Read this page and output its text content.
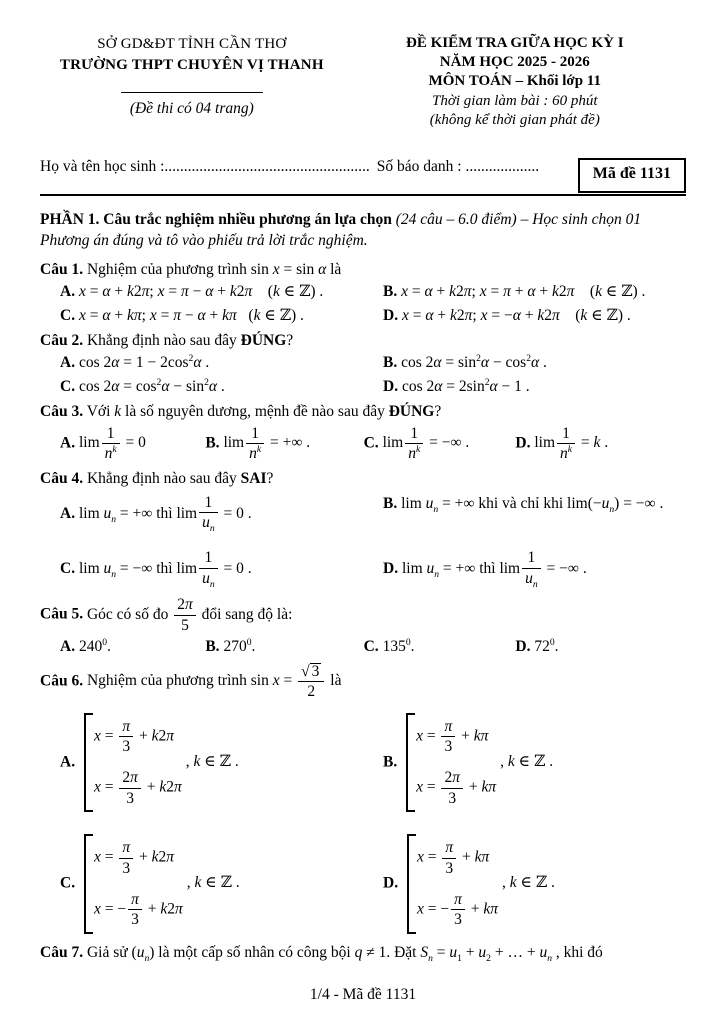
SỞ GD&ĐT TỈNH CẦN THƠ
TRƯỜNG THPT CHUYÊN VỊ THANH
(Đề thi có 04 trang)
ĐỀ KIỂM TRA GIỮA HỌC KỲ I
NĂM HỌC 2025 - 2026
MÔN TOÁN – Khối lớp 11
Thời gian làm bài : 60 phút
(không kể thời gian phát đề)
Họ và tên học sinh :..................................................... Số báo danh : ...................	Mã đề 1131

PHẦN 1. Câu trắc nghiệm nhiều phương án lựa chọn (24 câu – 6.0 điểm) – Học sinh chọn 01 Phương án đúng và tô vào phiếu trả lời trắc nghiệm.

Câu 1. Nghiệm của phương trình sin x = sin α là

A. x = α + k2π; x = π − α + k2π    (k ∈ ℤ) .	B. x = α + k2π; x = π + α + k2π    (k ∈ ℤ) .
C. x = α + kπ; x = π − α + kπ   (k ∈ ℤ) .	D. x = α + k2π; x = −α + k2π    (k ∈ ℤ) .

Câu 2. Khẳng định nào sau đây ĐÚNG?

A. $\cos 2\alpha = 1 - 2\cos^2\alpha$ .	B. $\cos 2\alpha = \sin^2\alpha - \cos^2\alpha$ .
C. $\cos 2\alpha = \cos^2\alpha - \sin^2\alpha$ .	D. $\cos 2\alpha = 2\sin^2\alpha - 1$ .

Câu 3. Với k là số nguyên dương, mệnh đề nào sau đây ĐÚNG?

A. $\lim \frac{1}{n^k} = 0$	B. $\lim \frac{1}{n^k}$ = +∞ .	C. $\lim \frac{1}{n^k}$ = −∞ .	D. $\lim \frac{1}{n^k} = k$ .

Câu 4. Khẳng định nào sau đây SAI?

A. $\lim u_n$ = +∞ thì $\lim \frac{1}{u_n} = 0$ .
B. $\lim u_n$ = +∞ khi và chỉ khi $\lim(-u_n)$ = −∞ .
C. $\lim u_n$ = −∞ thì $\lim \frac{1}{u_n} = 0$ .	D. $\lim u_n$ = +∞ thì $\lim \frac{1}{u_n}$ = −∞ .

Câu 5. Góc có số đo $\frac{2\pi}{5}$ đổi sang độ là:

A. $240^0$.	B. $270^0$.	C. $135^0$.	D. $72^0$.

Câu 6. Nghiệm của phương trình sin x = √ $\frac{3}{2}$ là

A.
$x = \frac{\pi}{3} + k2\pi$
$x = \frac{2\pi}{3} + k2\pi$
, k ∈ ℤ .	B.
$x = \frac{\pi}{3} + k\pi$
$x = \frac{2\pi}{3} + k\pi$
, k ∈ ℤ .
C.
$x = \frac{\pi}{3} + k2\pi$
x = − $\frac{\pi}{3} + k2\pi$
, k ∈ ℤ .	D.
$x = \frac{\pi}{3} + k\pi$
x = − $\frac{\pi}{3} + k\pi$
, k ∈ ℤ .

Câu 7. Giả sử $(u_n)$ là một cấp số nhân có công bội q ≠ 1. Đặt $S_n = u_1 + u_2$ + … + $u_n$ , khi đó

1/4 - Mã đề 1131
